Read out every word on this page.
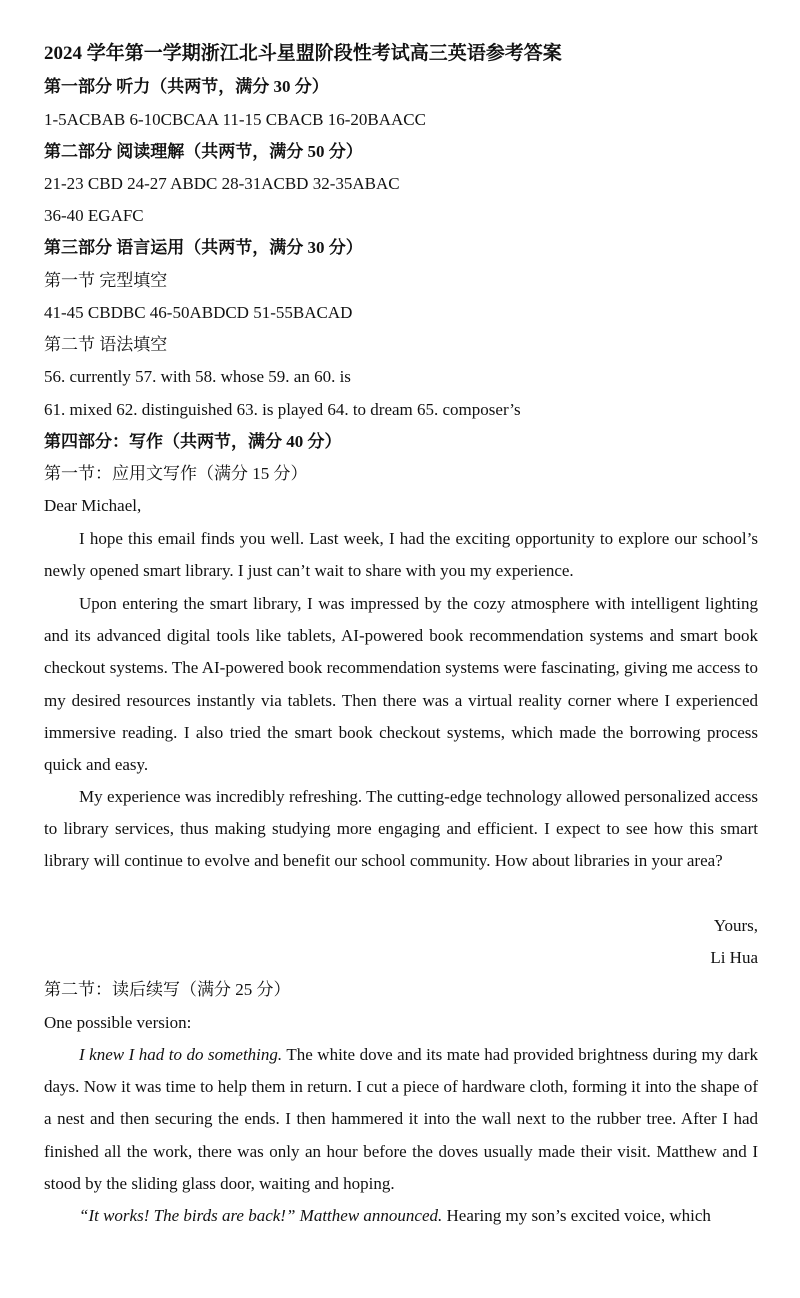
2024 学年第一学期浙江北斗星盟阶段性考试高三英语参考答案
第一部分 听力（共两节，满分 30 分）
1-5ACBAB 6-10CBCAA 11-15 CBACB 16-20BAACC
第二部分 阅读理解（共两节，满分 50 分）
21-23 CBD 24-27 ABDC 28-31ACBD 32-35ABAC
36-40 EGAFC
第三部分 语言运用（共两节，满分 30 分）
第一节 完型填空
41-45 CBDBC 46-50ABDCD 51-55BACAD
第二节 语法填空
56. currently 57. with 58. whose 59. an 60. is
61. mixed 62. distinguished 63. is played 64. to dream 65. composer’s
第四部分：写作（共两节，满分 40 分）
第一节：应用文写作（满分 15 分）
Dear Michael,

I hope this email finds you well. Last week, I had the exciting opportunity to explore our school’s newly opened smart library. I just can’t wait to share with you my experience.

Upon entering the smart library, I was impressed by the cozy atmosphere with intelligent lighting and its advanced digital tools like tablets, AI-powered book recommendation systems and smart book checkout systems. The AI-powered book recommendation systems were fascinating, giving me access to my desired resources instantly via tablets. Then there was a virtual reality corner where I experienced immersive reading. I also tried the smart book checkout systems, which made the borrowing process quick and easy.

My experience was incredibly refreshing. The cutting-edge technology allowed personalized access to library services, thus making studying more engaging and efficient. I expect to see how this smart library will continue to evolve and benefit our school community. How about libraries in your area?

Yours,
Li Hua
第二节：读后续写（满分 25 分）
One possible version:

I knew I had to do something. The white dove and its mate had provided brightness during my dark days. Now it was time to help them in return. I cut a piece of hardware cloth, forming it into the shape of a nest and then securing the ends. I then hammered it into the wall next to the rubber tree. After I had finished all the work, there was only an hour before the doves usually made their visit. Matthew and I stood by the sliding glass door, waiting and hoping.

“It works! The birds are back!” Matthew announced. Hearing my son’s excited voice, which
